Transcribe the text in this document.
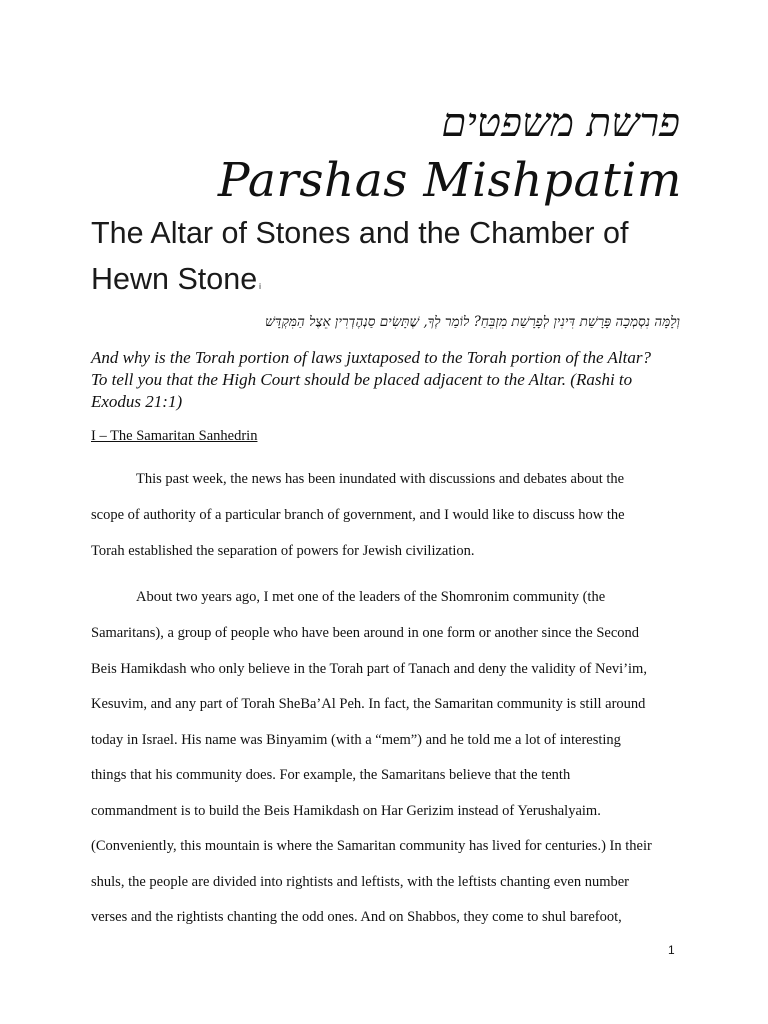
פרשת משפטים
Parshas Mishpatim
The Altar of Stones and the Chamber of
Hewn Stone $^i$
וְלָמָּה נִסְמְכָה פָּרָשַׁת דִּינִין לְפָרָשַׁת מִזְבֵּחַ? לוֹמַר לְךָ, שֶׁתָּשִׂים סַנְהֶדְרִין אֵצֶל הַמִּקְדָּשׁ
And why is the Torah portion of laws juxtaposed to the Torah portion of the Altar?
To tell you that the High Court should be placed adjacent to the Altar. (Rashi to
Exodus 21:1)
I – The Samaritan Sanhedrin
This past week, the news has been inundated with discussions and debates about the
scope of authority of a particular branch of government, and I would like to discuss how the
Torah established the separation of powers for Jewish civilization.
About two years ago, I met one of the leaders of the Shomronim community (the
Samaritans), a group of people who have been around in one form or another since the Second
Beis Hamikdash who only believe in the Torah part of Tanach and deny the validity of Nevi’im,
Kesuvim, and any part of Torah SheBa’Al Peh. In fact, the Samaritan community is still around
today in Israel. His name was Binyamim (with a “mem”) and he told me a lot of interesting
things that his community does. For example, the Samaritans believe that the tenth
commandment is to build the Beis Hamikdash on Har Gerizim instead of Yerushalyaim.
(Conveniently, this mountain is where the Samaritan community has lived for centuries.) In their
shuls, the people are divided into rightists and leftists, with the leftists chanting even number
verses and the rightists chanting the odd ones. And on Shabbos, they come to shul barefoot,
1
